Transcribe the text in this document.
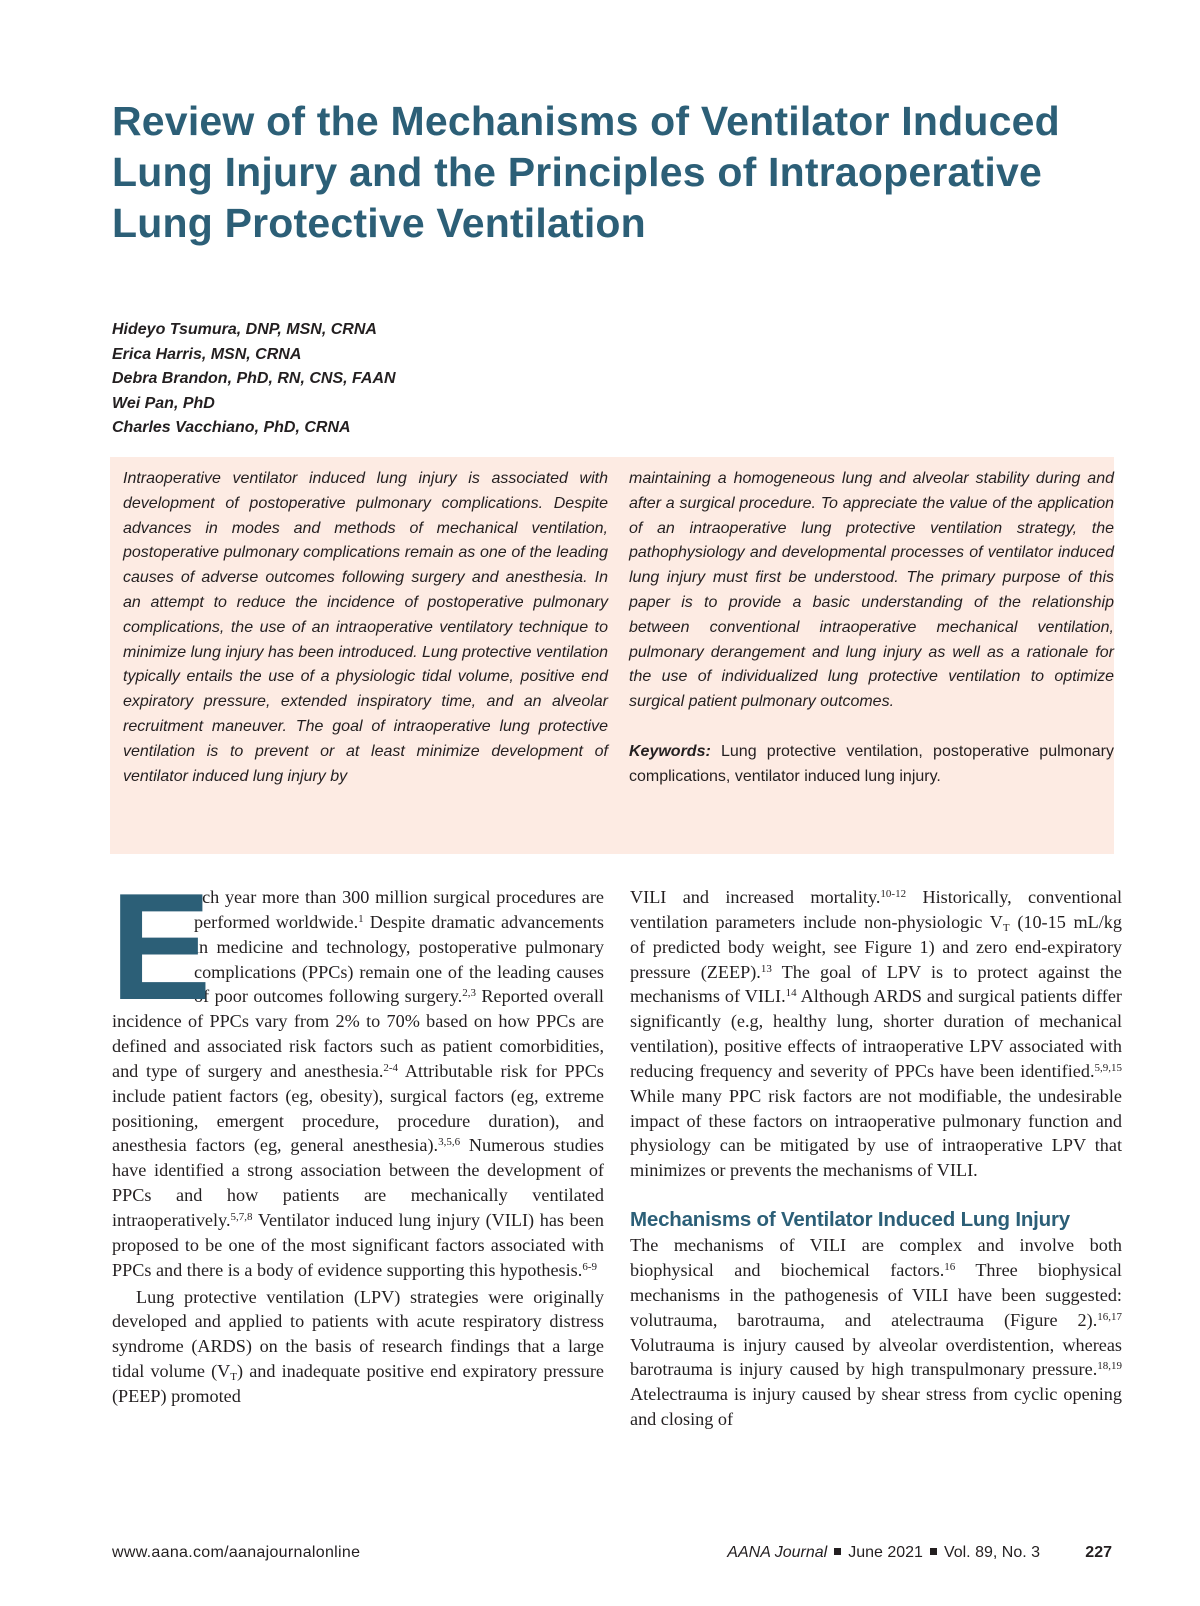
Review of the Mechanisms of Ventilator Induced Lung Injury and the Principles of Intraoperative Lung Protective Ventilation
Hideyo Tsumura, DNP, MSN, CRNA
Erica Harris, MSN, CRNA
Debra Brandon, PhD, RN, CNS, FAAN
Wei Pan, PhD
Charles Vacchiano, PhD, CRNA

Intraoperative ventilator induced lung injury is associated with development of postoperative pulmonary complications. Despite advances in modes and methods of mechanical ventilation, postoperative pulmonary complications remain as one of the leading causes of adverse outcomes following surgery and anesthesia. In an attempt to reduce the incidence of postoperative pulmonary complications, the use of an intraoperative ventilatory technique to minimize lung injury has been introduced. Lung protective ventilation typically entails the use of a physiologic tidal volume, positive end expiratory pressure, extended inspiratory time, and an alveolar recruitment maneuver. The goal of intraoperative lung protective ventilation is to prevent or at least minimize development of ventilator induced lung injury by

maintaining a homogeneous lung and alveolar stability during and after a surgical procedure. To appreciate the value of the application of an intraoperative lung protective ventilation strategy, the pathophysiology and developmental processes of ventilator induced lung injury must first be understood. The primary purpose of this paper is to provide a basic understanding of the relationship between conventional intraoperative mechanical ventilation, pulmonary derangement and lung injury as well as a rationale for the use of individualized lung protective ventilation to optimize surgical patient pulmonary outcomes.

Keywords: Lung protective ventilation, postoperative pulmonary complications, ventilator induced lung injury.

E
ach year more than 300 million surgical procedures are performed worldwide.$^1$ Despite dramatic advancements in medicine and technology, postoperative pulmonary complications (PPCs) remain one of the leading causes of poor outcomes following surgery.$^{2,3}$ Reported overall incidence of PPCs vary from 2% to 70% based on how PPCs are defined and associated risk factors such as patient comorbidities, and type of surgery and anesthesia.$^{2-4}$ Attributable risk for PPCs include patient factors (eg, obesity), surgical factors (eg, extreme positioning, emergent procedure, procedure duration), and anesthesia factors (eg, general anesthesia).$^{3,5,6}$ Numerous studies have identified a strong association between the development of PPCs and how patients are mechanically ventilated intraoperatively.$^{5,7,8}$ Ventilator induced lung injury (VILI) has been proposed to be one of the most significant factors associated with PPCs and there is a body of evidence supporting this hypothesis.$^{6-9}$

Lung protective ventilation (LPV) strategies were originally developed and applied to patients with acute respiratory distress syndrome (ARDS) on the basis of research findings that a large tidal volume $(V_T)$ and inadequate positive end expiratory pressure (PEEP) promoted

VILI and increased mortality.$^{10-12}$ Historically, conventional ventilation parameters include non-physiologic $V_T$ (10-15 mL/kg of predicted body weight, see Figure 1) and zero end-expiratory pressure (ZEEP).$^{13}$ The goal of LPV is to protect against the mechanisms of VILI.$^{14}$ Although ARDS and surgical patients differ significantly (e.g, healthy lung, shorter duration of mechanical ventilation), positive effects of intraoperative LPV associated with reducing frequency and severity of PPCs have been identified.$^{5,9,15}$ While many PPC risk factors are not modifiable, the undesirable impact of these factors on intraoperative pulmonary function and physiology can be mitigated by use of intraoperative LPV that minimizes or prevents the mechanisms of VILI.

Mechanisms of Ventilator Induced Lung Injury

The mechanisms of VILI are complex and involve both biophysical and biochemical factors.$^{16}$ Three biophysical mechanisms in the pathogenesis of VILI have been suggested: volutrauma, barotrauma, and atelectrauma (Figure 2).$^{16,17}$ Volutrauma is injury caused by alveolar overdistention, whereas barotrauma is injury caused by high transpulmonary pressure.$^{18,19}$ Atelectrauma is injury caused by shear stress from cyclic opening and closing of

www.aana.com/aanajournalonline	AANA Journal June 2021 Vol. 89, No. 3	227
